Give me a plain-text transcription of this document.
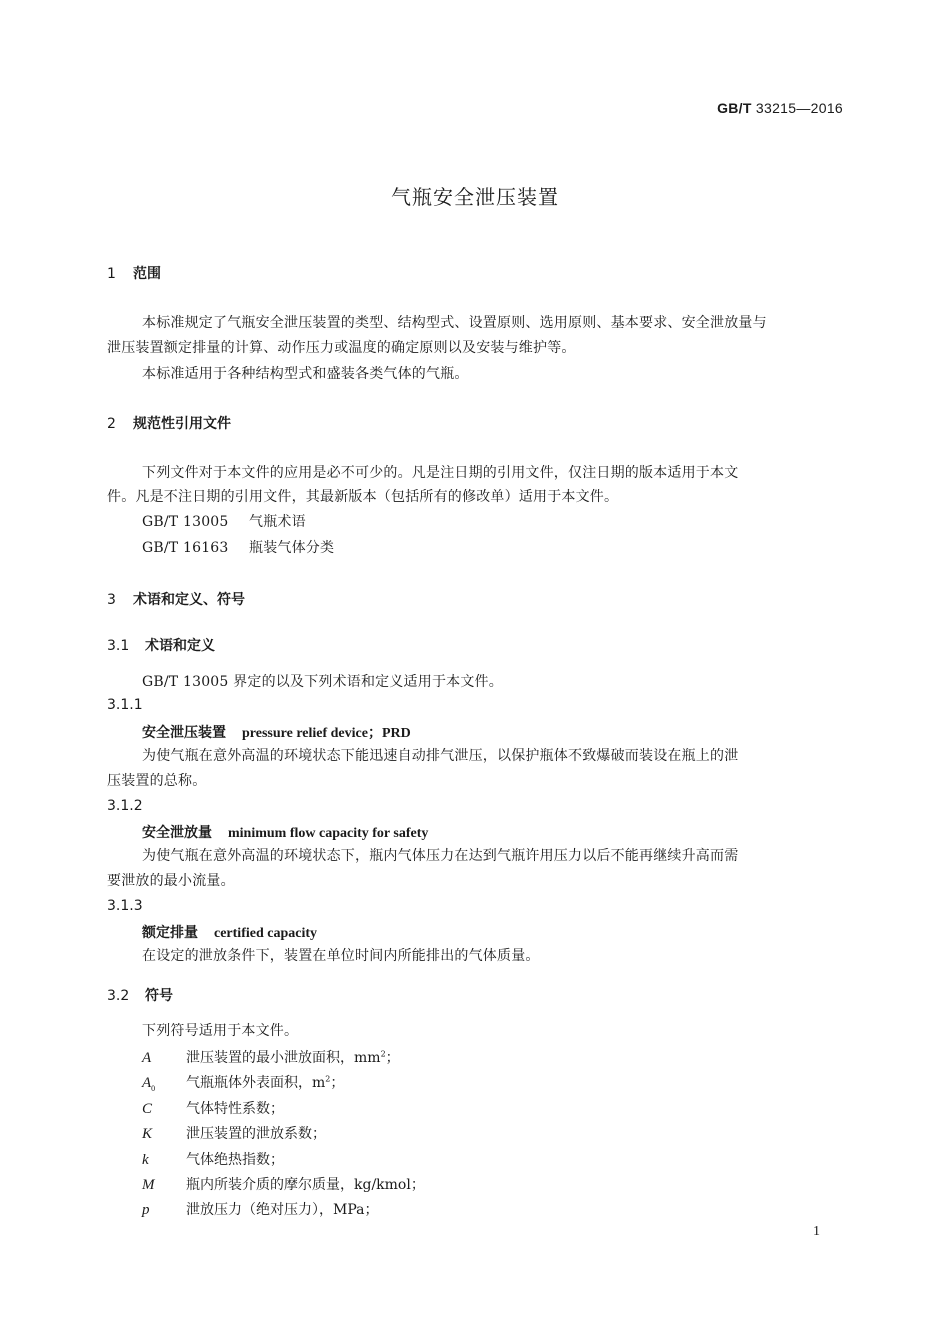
GB/T 33215—2016
气瓶安全泄压装置
1 范围
本标准规定了气瓶安全泄压装置的类型、结构型式、设置原则、选用原则、基本要求、安全泄放量与
泄压装置额定排量的计算、动作压力或温度的确定原则以及安装与维护等。
本标准适用于各种结构型式和盛装各类气体的气瓶。
2 规范性引用文件
下列文件对于本文件的应用是必不可少的。凡是注日期的引用文件，仅注日期的版本适用于本文
件。凡是不注日期的引用文件，其最新版本（包括所有的修改单）适用于本文件。
GB/T 13005 气瓶术语
GB/T 16163 瓶装气体分类
3 术语和定义、符号
3.1 术语和定义
GB/T 13005 界定的以及下列术语和定义适用于本文件。
3.1.1
安全泄压装置 pressure relief device；PRD
为使气瓶在意外高温的环境状态下能迅速自动排气泄压，以保护瓶体不致爆破而装设在瓶上的泄
压装置的总称。
3.1.2
安全泄放量 minimum flow capacity for safety
为使气瓶在意外高温的环境状态下，瓶内气体压力在达到气瓶许用压力以后不能再继续升高而需
要泄放的最小流量。
3.1.3
额定排量 certified capacity
在设定的泄放条件下，装置在单位时间内所能排出的气体质量。
3.2 符号
下列符号适用于本文件。
A 泄压装置的最小泄放面积，$mm^2$；
$A_0$ 气瓶瓶体外表面积，$m^2$；
C 气体特性系数；
K 泄压装置的泄放系数；
k	气体绝热指数；
M 瓶内所装介质的摩尔质量，kg/kmol；
p	泄放压力（绝对压力），MPa；
1
